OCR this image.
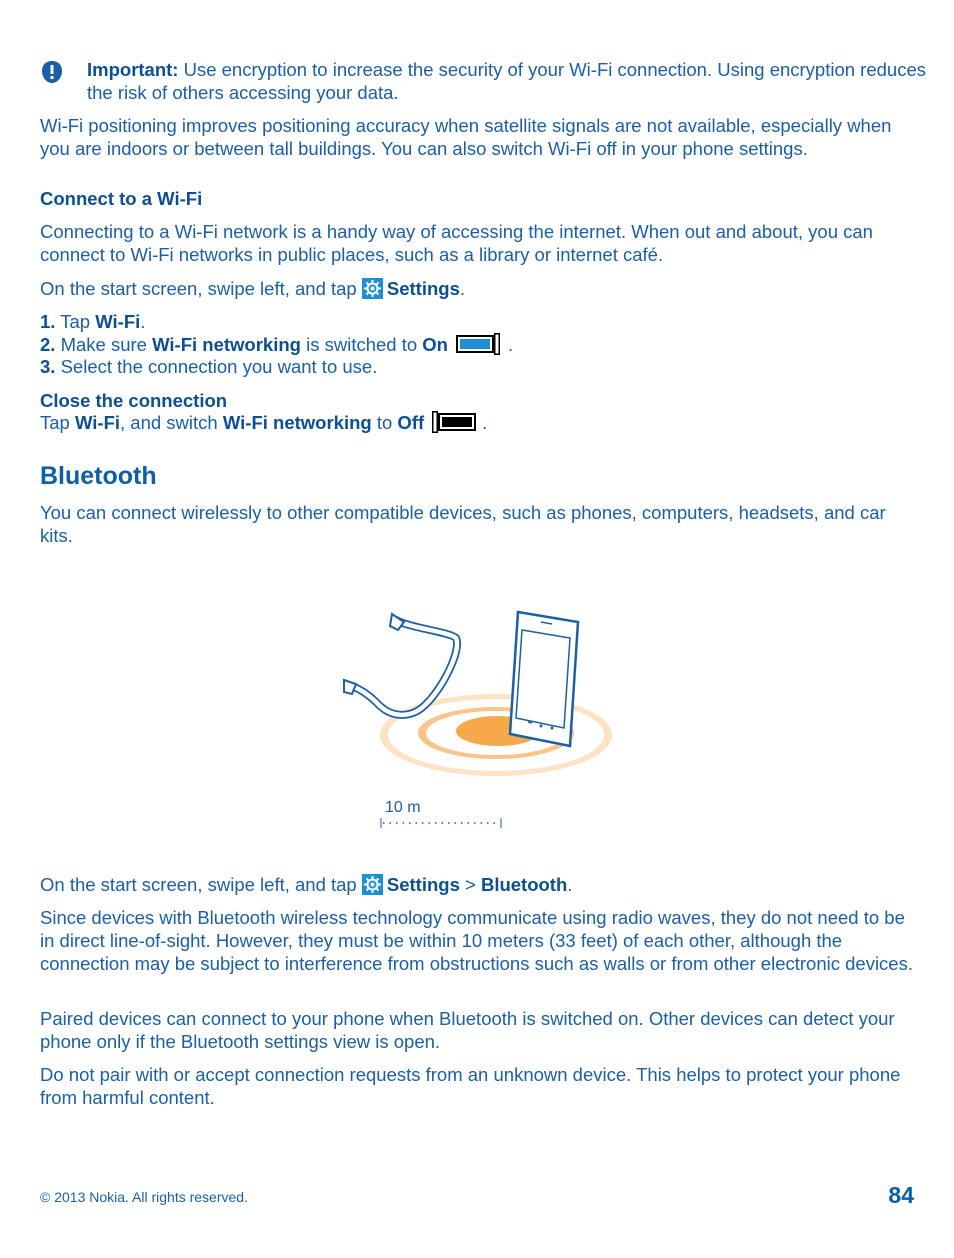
Important: Use encryption to increase the security of your Wi-Fi connection. Using encryption reduces the risk of others accessing your data.

Wi-Fi positioning improves positioning accuracy when satellite signals are not available, especially when you are indoors or between tall buildings. You can also switch Wi-Fi off in your phone settings.

Connect to a Wi-Fi

Connecting to a Wi-Fi network is a handy way of accessing the internet. When out and about, you can connect to Wi-Fi networks in public places, such as a library or internet café.

On the start screen, swipe left, and tap Settings.

1. Tap Wi-Fi.

2. Make sure Wi-Fi networking is switched to On	.

3. Select the connection you want to use.

Close the connection

Tap Wi-Fi, and switch Wi-Fi networking to Off	.

Bluetooth

You can connect wirelessly to other compatible devices, such as phones, computers, headsets, and car kits.

10 m

On the start screen, swipe left, and tap Settings > Bluetooth.

Since devices with Bluetooth wireless technology communicate using radio waves, they do not need to be in direct line-of-sight. However, they must be within 10 meters (33 feet) of each other, although the connection may be subject to interference from obstructions such as walls or from other electronic devices.

Paired devices can connect to your phone when Bluetooth is switched on. Other devices can detect your phone only if the Bluetooth settings view is open.

Do not pair with or accept connection requests from an unknown device. This helps to protect your phone from harmful content.

© 2013 Nokia. All rights reserved.	84
